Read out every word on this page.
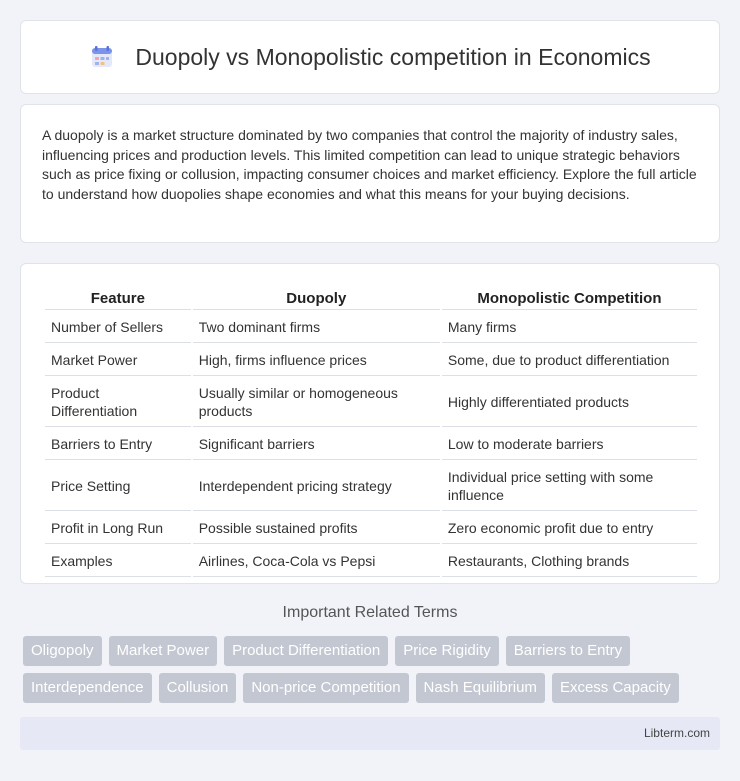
Duopoly vs Monopolistic competition in Economics

A duopoly is a market structure dominated by two companies that control the majority of industry sales, influencing prices and production levels. This limited competition can lead to unique strategic behaviors such as price fixing or collusion, impacting consumer choices and market efficiency. Explore the full article to understand how duopolies shape economies and what this means for your buying decisions.

Feature	Duopoly	Monopolistic Competition
Number of Sellers	Two dominant firms	Many firms
Market Power	High, firms influence prices	Some, due to product differentiation
Product Differentiation	Usually similar or homogeneous products	Highly differentiated products
Barriers to Entry	Significant barriers	Low to moderate barriers
Price Setting	Interdependent pricing strategy	Individual price setting with some influence
Profit in Long Run	Possible sustained profits	Zero economic profit due to entry
Examples	Airlines, Coca-Cola vs Pepsi	Restaurants, Clothing brands
Important Related Terms
Oligopoly	Market Power	Product Differentiation	Price Rigidity	Barriers to Entry
Interdependence	Collusion	Non-price Competition	Nash Equilibrium	Excess Capacity
Libterm.com
